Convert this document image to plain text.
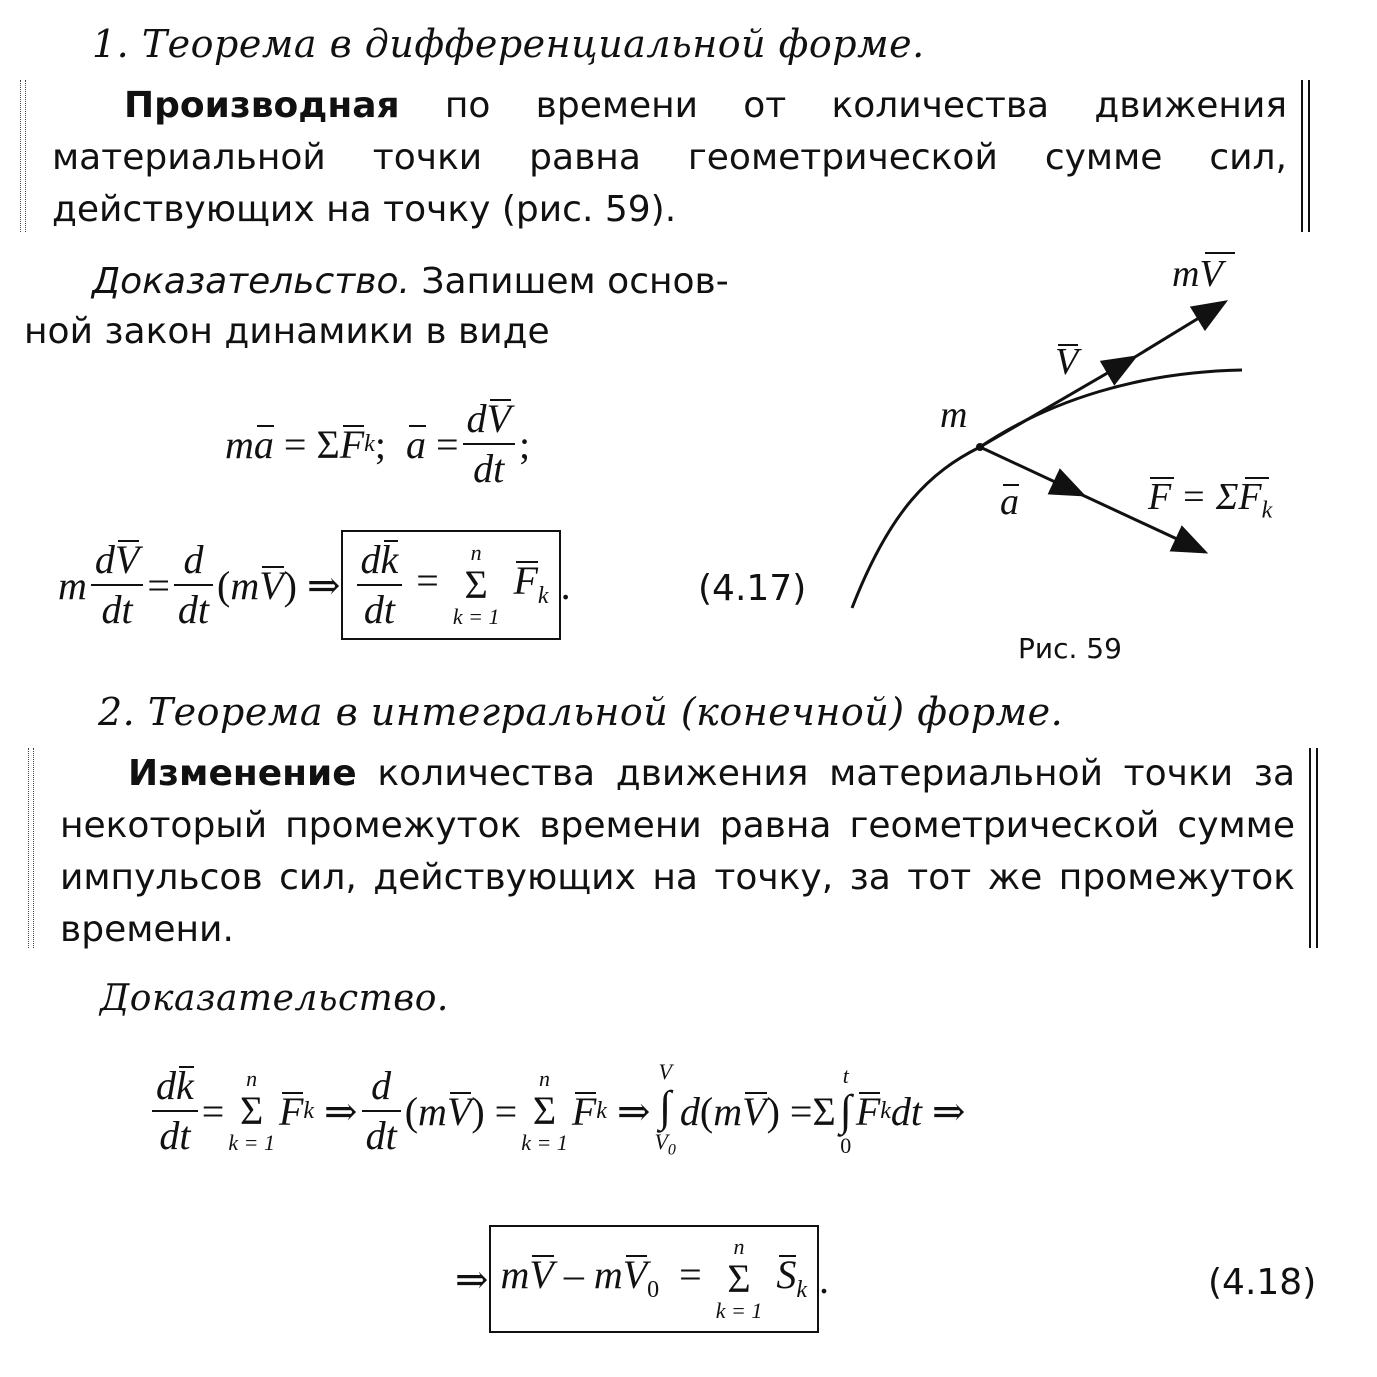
1. Теорема в дифференциальной форме.
Производная по времени от количества движения материальной точки равна геометрической сумме сил, действующих на точку (рис. 59).
Доказательство. Запишем основ-
ной закон динамики в виде
m a = Σ F k ; $a = \frac{dV}{dt}$ ;
m $\frac{dV}{dt} = \frac{d}{dt}$ ( m V ) ⇒ $\frac{dk}{dt}$ =
n
Σ
k = 1
$F_k$ .	(4.17)
mV
V
m
a	$F = \Sigma F_k$
Рис. 59
2. Теорема в интегральной (конечной) форме.
Изменение количества движения материальной точки за некоторый промежуток времени равна геометрической сумме импульсов сил, действующих на точку, за тот же промежуток времени.
Доказательство.
$\frac{dk}{dt}$ =
n
Σ
k = 1
F k ⇒ $\frac{d}{dt}$ ( m V ) =
n
Σ
k = 1
F k ⇒
V
∫
$V_0$
d ( m V ) =Σ
t
∫
0
F k dt ⇒
⇒ mV – $mV_0$  =
n
Σ
k = 1
$S_k$ .	(4.18)
